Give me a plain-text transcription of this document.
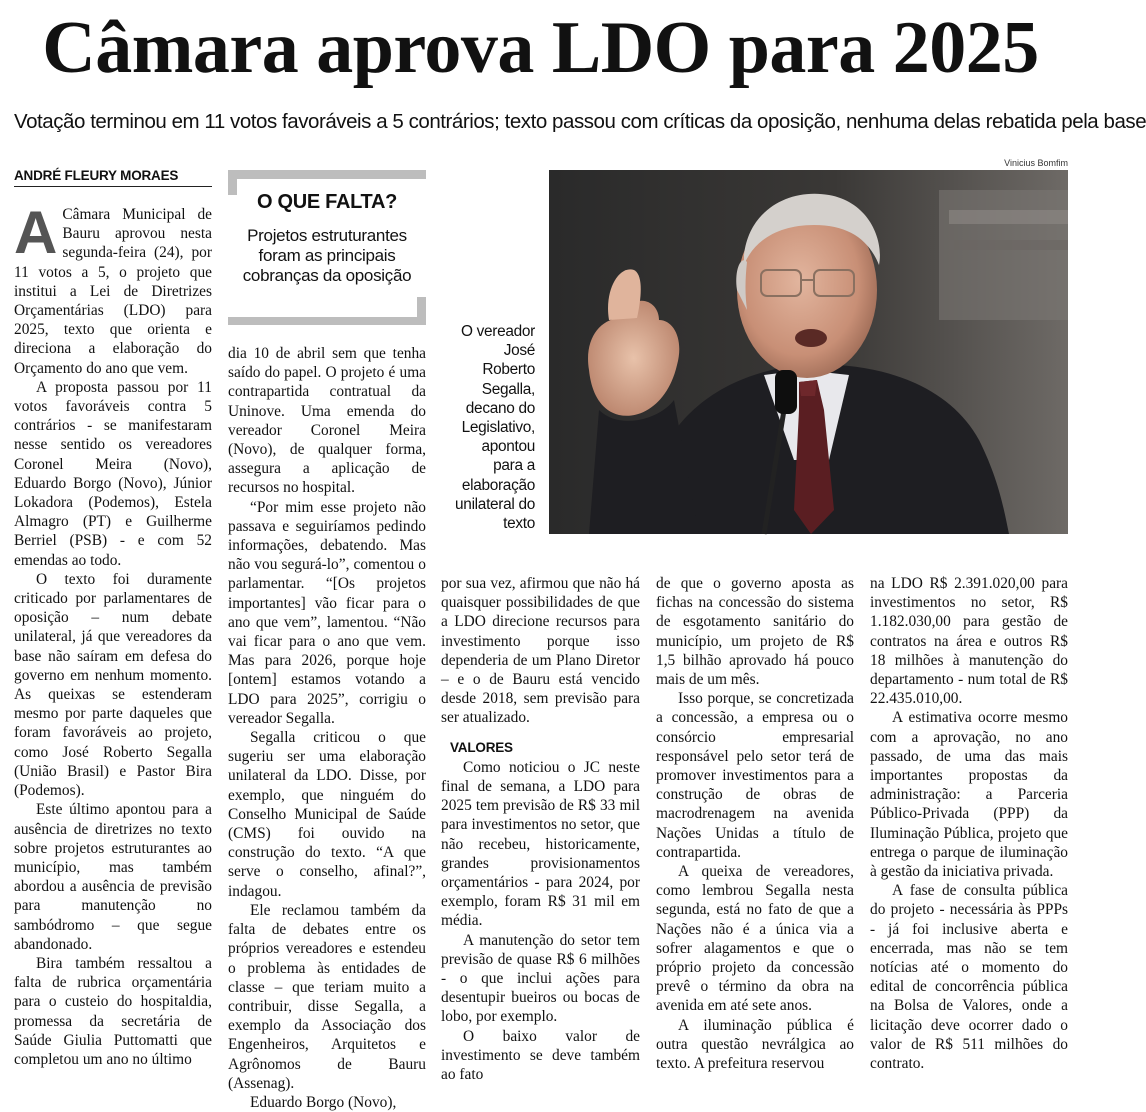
Câmara aprova LDO para 2025

Votação terminou em 11 votos favoráveis a 5 contrários; texto passou com críticas da oposição, nenhuma delas rebatida pela base

ANDRÉ FLEURY MORAES
O QUE FALTA?
Projetos estruturantes foram as principais cobranças da oposição
Vinicius Bomfim
O vereador José Roberto Segalla, decano do Legislativo, apontou para a elaboração unilateral do texto

A Câmara Municipal de Bauru aprovou nesta segunda-feira (24), por 11 votos a 5, o projeto que institui a Lei de Diretrizes Orçamentárias (LDO) para 2025, texto que orienta e direciona a elaboração do Orçamento do ano que vem.

A proposta passou por 11 votos favoráveis contra 5 contrários - se manifestaram nesse sentido os vereadores Coronel Meira (Novo), Eduardo Borgo (Novo), Júnior Lokadora (Podemos), Estela Almagro (PT) e Guilherme Berriel (PSB) - e com 52 emendas ao todo.

O texto foi duramente criticado por parlamentares de oposição – num debate unilateral, já que vereadores da base não saíram em defesa do governo em nenhum momento. As queixas se estenderam mesmo por parte daqueles que foram favoráveis ao projeto, como José Roberto Segalla (União Brasil) e Pastor Bira (Podemos).

Este último apontou para a ausência de diretrizes no texto sobre projetos estruturantes ao município, mas também abordou a ausência de previsão para manutenção no sambódromo – que segue abandonado.

Bira também ressaltou a falta de rubrica orçamentária para o custeio do hospitaldia, promessa da secretária de Saúde Giulia Puttomatti que completou um ano no último

dia 10 de abril sem que tenha saído do papel. O projeto é uma contrapartida contratual da Uninove. Uma emenda do vereador Coronel Meira (Novo), de qualquer forma, assegura a aplicação de recursos no hospital.

“Por mim esse projeto não passava e seguiríamos pedindo informações, debatendo. Mas não vou segurá-lo”, comentou o parlamentar. “[Os projetos importantes] vão ficar para o ano que vem”, lamentou. “Não vai ficar para o ano que vem. Mas para 2026, porque hoje [ontem] estamos votando a LDO para 2025”, corrigiu o vereador Segalla.

Segalla criticou o que sugeriu ser uma elaboração unilateral da LDO. Disse, por exemplo, que ninguém do Conselho Municipal de Saúde (CMS) foi ouvido na construção do texto. “A que serve o conselho, afinal?”, indagou.

Ele reclamou também da falta de debates entre os próprios vereadores e estendeu o problema às entidades de classe – que teriam muito a contribuir, disse Segalla, a exemplo da Associação dos Engenheiros, Arquitetos e Agrônomos de Bauru (Assenag).

Eduardo Borgo (Novo),

por sua vez, afirmou que não há quaisquer possibilidades de que a LDO direcione recursos para investimento porque isso dependeria de um Plano Diretor – e o de Bauru está vencido desde 2018, sem previsão para ser atualizado.

VALORES

Como noticiou o JC neste final de semana, a LDO para 2025 tem previsão de R$ 33 mil para investimentos no setor, que não recebeu, historicamente, grandes provisionamentos orçamentários - para 2024, por exemplo, foram R$ 31 mil em média.

A manutenção do setor tem previsão de quase R$ 6 milhões - o que inclui ações para desentupir bueiros ou bocas de lobo, por exemplo.

O baixo valor de investimento se deve também ao fato

de que o governo aposta as fichas na concessão do sistema de esgotamento sanitário do município, um projeto de R$ 1,5 bilhão aprovado há pouco mais de um mês.

Isso porque, se concretizada a concessão, a empresa ou o consórcio empresarial responsável pelo setor terá de promover investimentos para a construção de obras de macrodrenagem na avenida Nações Unidas a título de contrapartida.

A queixa de vereadores, como lembrou Segalla nesta segunda, está no fato de que a Nações não é a única via a sofrer alagamentos e que o próprio projeto da concessão prevê o término da obra na avenida em até sete anos.

A iluminação pública é outra questão nevrálgica ao texto. A prefeitura reservou

na LDO R$ 2.391.020,00 para investimentos no setor, R$ 1.182.030,00 para gestão de contratos na área e outros R$ 18 milhões à manutenção do departamento - num total de R$ 22.435.010,00.

A estimativa ocorre mesmo com a aprovação, no ano passado, de uma das mais importantes propostas da administração: a Parceria Público-Privada (PPP) da Iluminação Pública, projeto que entrega o parque de iluminação à gestão da iniciativa privada.

A fase de consulta pública do projeto - necessária às PPPs - já foi inclusive aberta e encerrada, mas não se tem notícias até o momento do edital de concorrência pública na Bolsa de Valores, onde a licitação deve ocorrer dado o valor de R$ 511 milhões do contrato.
